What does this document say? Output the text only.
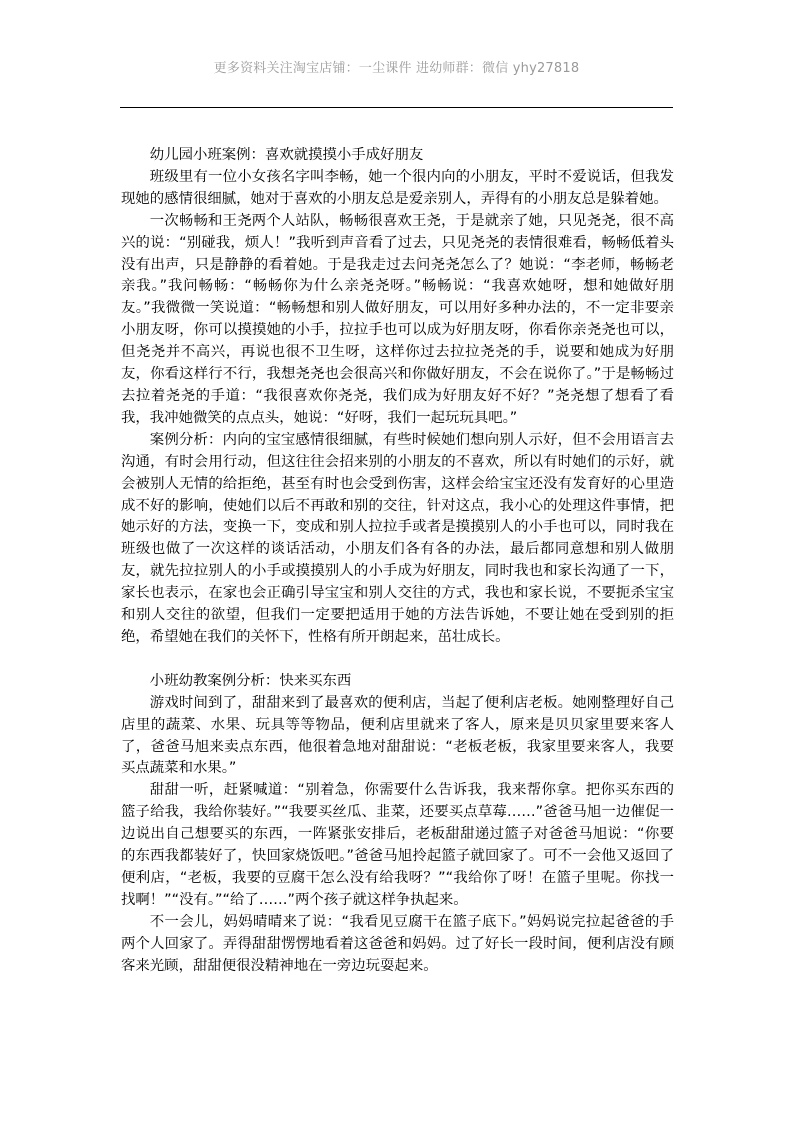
更多资料关注淘宝店铺：一尘课件 进幼师群：微信 yhy27818

幼儿园小班案例：喜欢就摸摸小手成好朋友

班级里有一位小女孩名字叫李畅，她一个很内向的小朋友，平时不爱说话，但我发现她的感情很细腻，她对于喜欢的小朋友总是爱亲别人，弄得有的小朋友总是躲着她。

一次畅畅和王尧两个人站队，畅畅很喜欢王尧，于是就亲了她，只见尧尧，很不高兴的说：“别碰我，烦人！”我听到声音看了过去，只见尧尧的表情很难看，畅畅低着头没有出声，只是静静的看着她。于是我走过去问尧尧怎么了？她说：“李老师，畅畅老亲我。”我问畅畅：“畅畅你为什么亲尧尧呀。”畅畅说：“我喜欢她呀，想和她做好朋友。”我微微一笑说道：“畅畅想和别人做好朋友，可以用好多种办法的，不一定非要亲小朋友呀，你可以摸摸她的小手，拉拉手也可以成为好朋友呀，你看你亲尧尧也可以，但尧尧并不高兴，再说也很不卫生呀，这样你过去拉拉尧尧的手，说要和她成为好朋友，你看这样行不行，我想尧尧也会很高兴和你做好朋友，不会在说你了。”于是畅畅过去拉着尧尧的手道：“我很喜欢你尧尧，我们成为好朋友好不好？”尧尧想了想看了看我，我冲她微笑的点点头，她说：“好呀，我们一起玩玩具吧。”

案例分析：内向的宝宝感情很细腻，有些时候她们想向别人示好，但不会用语言去沟通，有时会用行动，但这往往会招来别的小朋友的不喜欢，所以有时她们的示好，就会被别人无情的给拒绝，甚至有时也会受到伤害，这样会给宝宝还没有发育好的心里造成不好的影响，使她们以后不再敢和别的交往，针对这点，我小心的处理这件事情，把她示好的方法，变换一下，变成和别人拉拉手或者是摸摸别人的小手也可以，同时我在班级也做了一次这样的谈话活动，小朋友们各有各的办法，最后都同意想和别人做朋友，就先拉拉别人的小手或摸摸别人的小手成为好朋友，同时我也和家长沟通了一下，家长也表示，在家也会正确引导宝宝和别人交往的方式，我也和家长说，不要扼杀宝宝和别人交往的欲望，但我们一定要把适用于她的方法告诉她，不要让她在受到别的拒绝，希望她在我们的关怀下，性格有所开朗起来，茁壮成长。

小班幼教案例分析：快来买东西

游戏时间到了，甜甜来到了最喜欢的便利店，当起了便利店老板。她刚整理好自己店里的蔬菜、水果、玩具等等物品，便利店里就来了客人，原来是贝贝家里要来客人了，爸爸马旭来卖点东西，他很着急地对甜甜说：“老板老板，我家里要来客人，我要买点蔬菜和水果。”

甜甜一听，赶紧喊道：“别着急，你需要什么告诉我，我来帮你拿。把你买东西的篮子给我，我给你装好。”“我要买丝瓜、韭菜，还要买点草莓……”爸爸马旭一边催促一边说出自己想要买的东西，一阵紧张安排后，老板甜甜递过篮子对爸爸马旭说：“你要的东西我都装好了，快回家烧饭吧。”爸爸马旭拎起篮子就回家了。可不一会他又返回了便利店，“老板，我要的豆腐干怎么没有给我呀？”“我给你了呀！在篮子里呢。你找一找啊！”“没有。”“给了……”两个孩子就这样争执起来。

不一会儿，妈妈晴晴来了说：“我看见豆腐干在篮子底下。”妈妈说完拉起爸爸的手两个人回家了。弄得甜甜愣愣地看着这爸爸和妈妈。过了好长一段时间，便利店没有顾客来光顾，甜甜便很没精神地在一旁边玩耍起来。
